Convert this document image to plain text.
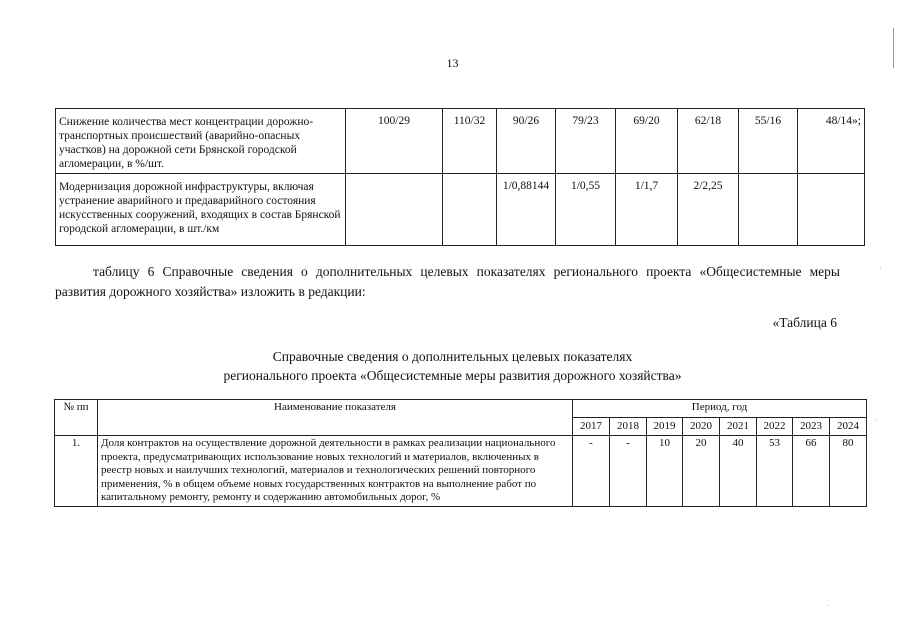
13
Снижение количества мест концентрации дорожно-транспортных происшествий (аварийно-опасных участков) на дорожной сети Брянской городской агломерации, в %/шт.	100/29	110/32	90/26	79/23	69/20	62/18	55/16	48/14»;
Модернизация дорожной инфраструктуры, включая устранение аварийного и предаварийного состояния искусственных сооружений, входящих в состав Брянской городской агломерации, в шт./км			1/0,88144	1/0,55	1/1,7	2/2,25		
таблицу 6 Справочные сведения о дополнительных целевых показателях регионального проекта «Общесистемные меры развития дорожного хозяйства» изложить в редакции:
«Таблица 6
Справочные сведения о дополнительных целевых показателях
регионального проекта «Общесистемные меры развития дорожного хозяйства»
№ пп	Наименование показателя	Период, год							
		2017	2018	2019	2020	2021	2022	2023	2024
1.	Доля контрактов на осуществление дорожной деятельности в рамках реализации национального проекта, предусматривающих использование новых технологий и материалов, включенных в реестр новых и наилучших технологий, материалов и технологических решений повторного применения, % в общем объеме новых государственных контрактов на выполнение работ по капитальному ремонту, ремонту и содержанию автомобильных дорог, %	-	-	10	20	40	53	66	80
